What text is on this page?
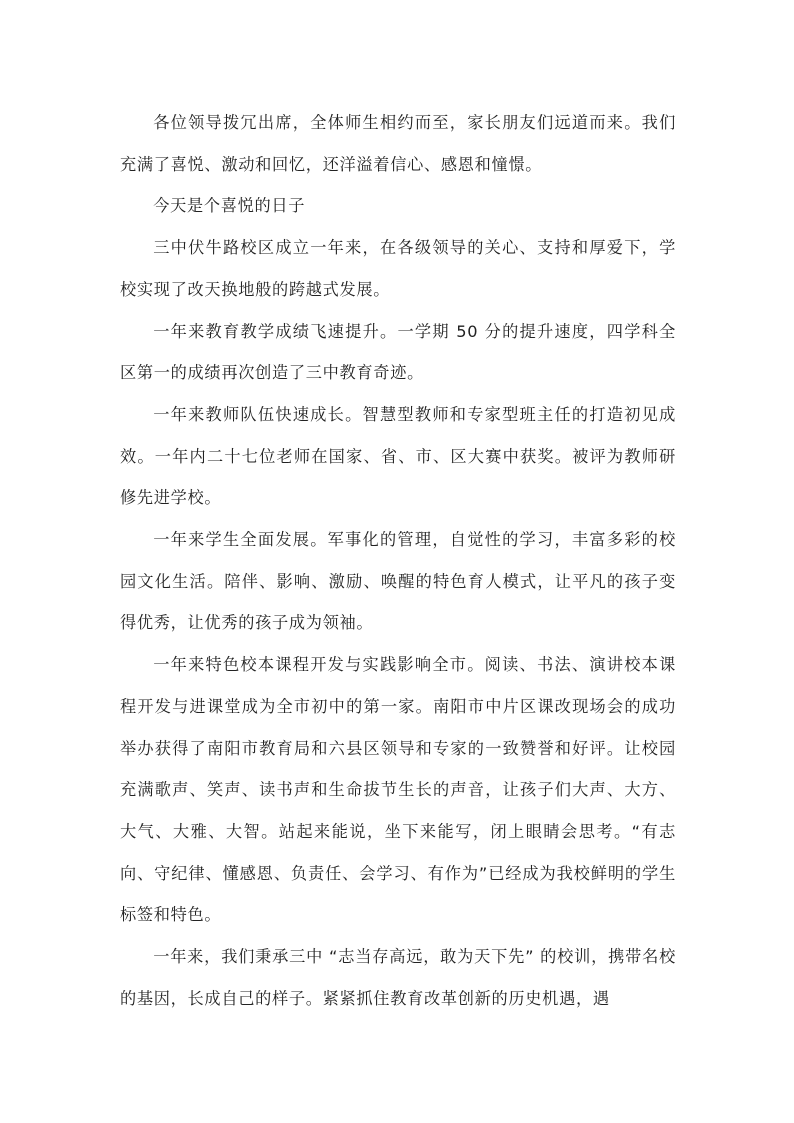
各位领导拨冗出席，全体师生相约而至，家长朋友们远道而来。我们充满了喜悦、激动和回忆，还洋溢着信心、感恩和憧憬。

今天是个喜悦的日子

三中伏牛路校区成立一年来，在各级领导的关心、支持和厚爱下，学校实现了改天换地般的跨越式发展。

一年来教育教学成绩飞速提升。一学期 50 分的提升速度，四学科全区第一的成绩再次创造了三中教育奇迹。

一年来教师队伍快速成长。智慧型教师和专家型班主任的打造初见成效。一年内二十七位老师在国家、省、市、区大赛中获奖。被评为教师研修先进学校。

一年来学生全面发展。军事化的管理，自觉性的学习，丰富多彩的校园文化生活。陪伴、影响、激励、唤醒的特色育人模式，让平凡的孩子变得优秀，让优秀的孩子成为领袖。

一年来特色校本课程开发与实践影响全市。阅读、书法、演讲校本课程开发与进课堂成为全市初中的第一家。南阳市中片区课改现场会的成功举办获得了南阳市教育局和六县区领导和专家的一致赞誉和好评。让校园充满歌声、笑声、读书声和生命拔节生长的声音，让孩子们大声、大方、大气、大雅、大智。站起来能说，坐下来能写，闭上眼睛会思考。“有志向、守纪律、懂感恩、负责任、会学习、有作为”已经成为我校鲜明的学生标签和特色。

一年来，我们秉承三中 “志当存高远，敢为天下先” 的校训，携带名校的基因，长成自己的样子。紧紧抓住教育改革创新的历史机遇，遇
